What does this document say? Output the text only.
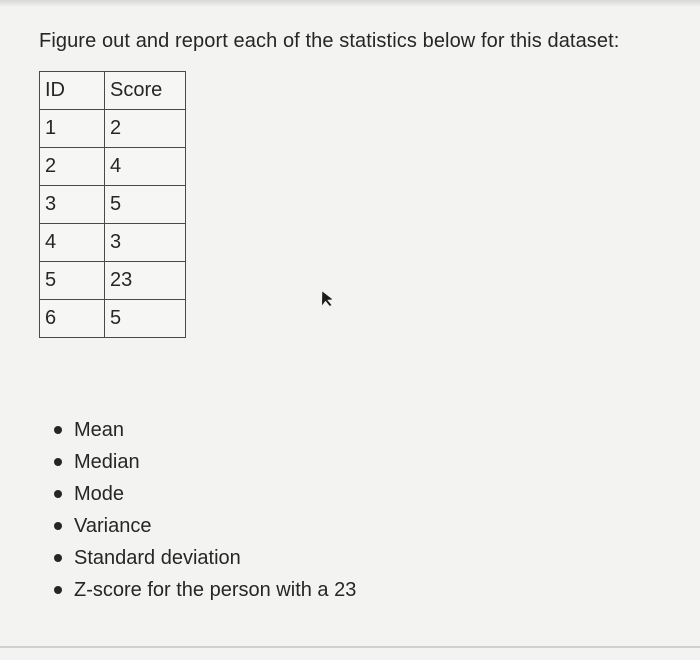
Figure out and report each of the statistics below for this dataset:
ID	Score
1	2
2	4
3	5
4	3
5	23
6	5
Mean
Median
Mode
Variance
Standard deviation
Z-score for the person with a 23
